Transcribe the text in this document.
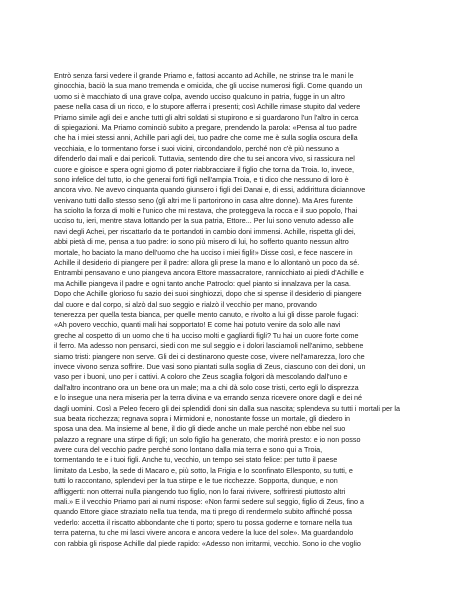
Entrò senza farsi vedere il grande Priamo e, fattosi accanto ad Achille, ne strinse tra le mani le
ginocchia, baciò la sua mano tremenda e omicida, che gli uccise numerosi figli. Come quando un
uomo si è macchiato di una grave colpa, avendo ucciso qualcuno in patria, fugge in un altro
paese nella casa di un ricco, e lo stupore afferra i presenti; così Achille rimase stupito dal vedere
Priamo simile agli dei e anche tutti gli altri soldati si stupirono e si guardarono l'un l'altro in cerca
di spiegazioni. Ma Priamo cominciò subito a pregare, prendendo la parola: «Pensa al tuo padre
che ha i miei stessi anni, Achille pari agli dei, tuo padre che come me è sulla soglia oscura della
vecchiaia, e lo tormentano forse i suoi vicini, circondandolo, perché non c'è più nessuno a
difenderlo dai mali e dai pericoli. Tuttavia, sentendo dire che tu sei ancora vivo, si rassicura nel
cuore e gioisce e spera ogni giorno di poter riabbracciare il figlio che torna da Troia. Io, invece,
sono infelice del tutto, io che generai forti figli nell'ampia Troia, e ti dico che nessuno di loro è
ancora vivo. Ne avevo cinquanta quando giunsero i figli dei Danai e, di essi, addirittura diciannove
venivano tutti dallo stesso seno (gli altri me li partorirono in casa altre donne). Ma Ares furente
ha sciolto la forza di molti e l'unico che mi restava, che proteggeva la rocca e il suo popolo, l'hai
ucciso tu, ieri, mentre stava lottando per la sua patria, Ettore... Per lui sono venuto adesso alle
navi degli Achei, per riscattarlo da te portandoti in cambio doni immensi. Achille, rispetta gli dei,
abbi pietà di me, pensa a tuo padre: io sono più misero di lui, ho sofferto quanto nessun altro
mortale, ho baciato la mano dell'uomo che ha ucciso i miei figli!» Disse così, e fece nascere in
Achille il desiderio di piangere per il padre: allora gli prese la mano e lo allontanò un poco da sé.
Entrambi pensavano e uno piangeva ancora Ettore massacratore, rannicchiato ai piedi d'Achille e
ma Achille piangeva il padre e ogni tanto anche Patroclo: quel pianto si innalzava per la casa.
Dopo che Achille glorioso fu sazio dei suoi singhiozzi, dopo che si spense il desiderio di piangere
dal cuore e dal corpo, si alzò dal suo seggio e rialzò il vecchio per mano, provando
tenerezza per quella testa bianca, per quelle mento canuto, e rivolto a lui gli disse parole fugaci:
«Ah povero vecchio, quanti mali hai sopportato! E come hai potuto venire da solo alle navi
greche al cospetto di un uomo che ti ha ucciso molti e gagliardi figli? Tu hai un cuore forte come
il ferro. Ma adesso non pensarci, siedi con me sul seggio e i dolori lasciamoli nell'animo, sebbene
siamo tristi: piangere non serve. Gli dei ci destinarono queste cose, vivere nell'amarezza, loro che
invece vivono senza soffrire. Due vasi sono piantati sulla soglia di Zeus, ciascuno con dei doni, un
vaso per i buoni, uno per i cattivi. A coloro che Zeus scaglia folgori dà mescolando dall'uno e
dall'altro incontrano ora un bene ora un male; ma a chi dà solo cose tristi, certo egli lo disprezza
e lo insegue una nera miseria per la terra divina e va errando senza ricevere onore dagli e dei né
dagli uomini. Così a Peleo fecero gli dei splendidi doni sin dalla sua nascita; splendeva su tutti i mortali per la
sua beata ricchezza; regnava sopra i Mirmidoni e, nonostante fosse un mortale, gli diedero in
sposa una dea. Ma insieme al bene, il dio gli diede anche un male perché non ebbe nel suo
palazzo a regnare una stirpe di figli; un solo figlio ha generato, che morirà presto: e io non posso
avere cura del vecchio padre perché sono lontano dalla mia terra e sono qui a Troia,
tormentando te e i tuoi figli. Anche tu, vecchio, un tempo sei stato felice: per tutto il paese
limitato da Lesbo, la sede di Macaro e, più sotto, la Frigia e lo sconfinato Ellesponto, su tutti, e
tutti lo raccontano, splendevi per la tua stirpe e le tue ricchezze. Sopporta, dunque, e non
affliggerti: non otterrai nulla piangendo tuo figlio, non lo farai rivivere, soffriresti piuttosto altri
mali.» E il vecchio Priamo pari ai numi rispose: «Non farmi sedere sul seggio, figlio di Zeus, fino a
quando Ettore giace straziato nella tua tenda, ma ti prego di rendermelo subito affinché possa
vederlo: accetta il riscatto abbondante che ti porto; spero tu possa goderne e tornare nella tua
terra paterna, tu che mi lasci vivere ancora e ancora vedere la luce del sole». Ma guardandolo
con rabbia gli rispose Achille dal piede rapido: «Adesso non irritarmi, vecchio. Sono io che voglio
